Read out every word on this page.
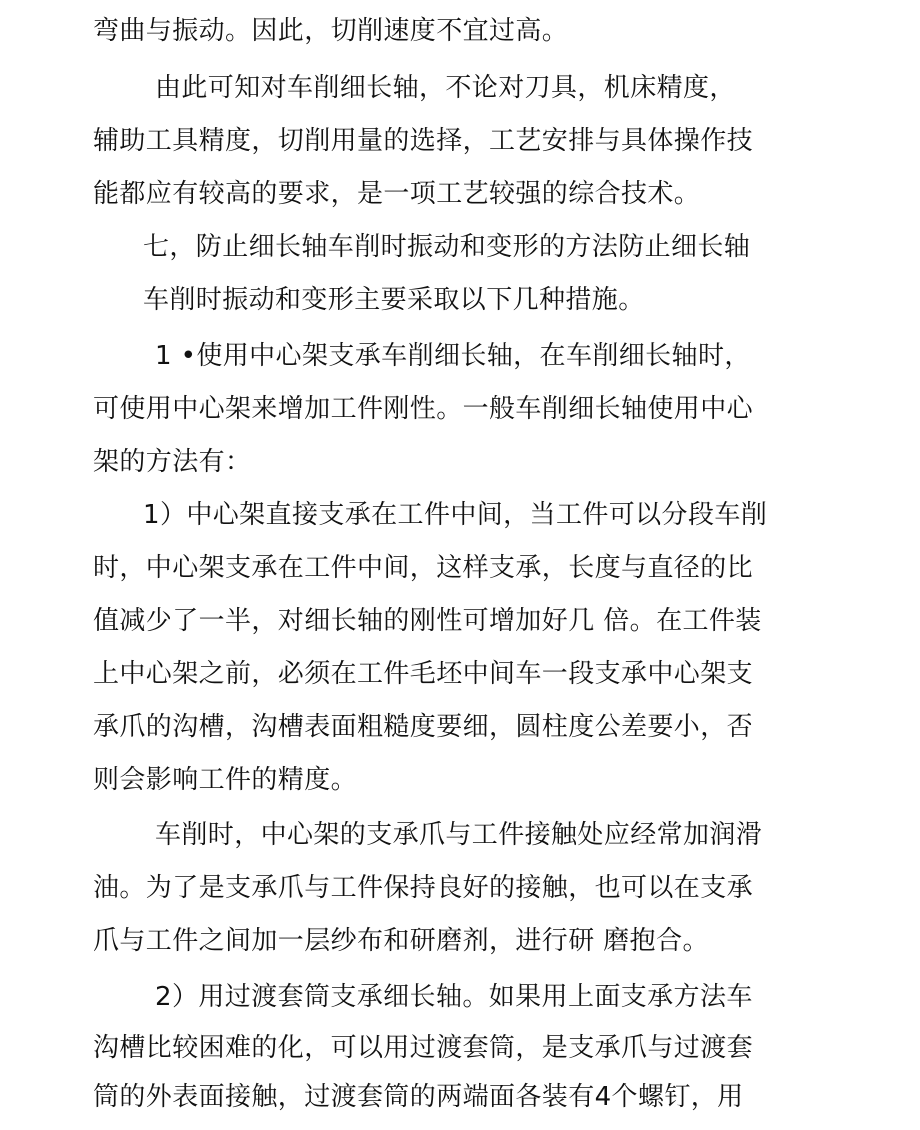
弯曲与振动。因此，切削速度不宜过高。
由此可知对车削细长轴，不论对刀具，机床精度，
辅助工具精度，切削用量的选择，工艺安排与具体操作技
能都应有较高的要求，是一项工艺较强的综合技术。
七，防止细长轴车削时振动和变形的方法防止细长轴
车削时振动和变形主要采取以下几种措施。
1 •使用中心架支承车削细长轴，在车削细长轴时，
可使用中心架来增加工件刚性。一般车削细长轴使用中心
架的方法有：
1）中心架直接支承在工件中间，当工件可以分段车削
时，中心架支承在工件中间，这样支承，长度与直径的比
值减少了一半，对细长轴的刚性可增加好几 倍。在工件装
上中心架之前，必须在工件毛坯中间车一段支承中心架支
承爪的沟槽，沟槽表面粗糙度要细，圆柱度公差要小，否
则会影响工件的精度。
车削时，中心架的支承爪与工件接触处应经常加润滑
油。为了是支承爪与工件保持良好的接触，也可以在支承
爪与工件之间加一层纱布和研磨剂，进行研 磨抱合。
2）用过渡套筒支承细长轴。如果用上面支承方法车
沟槽比较困难的化，可以用过渡套筒，是支承爪与过渡套
筒的外表面接触，过渡套筒的两端面各装有4个螺钉，用
